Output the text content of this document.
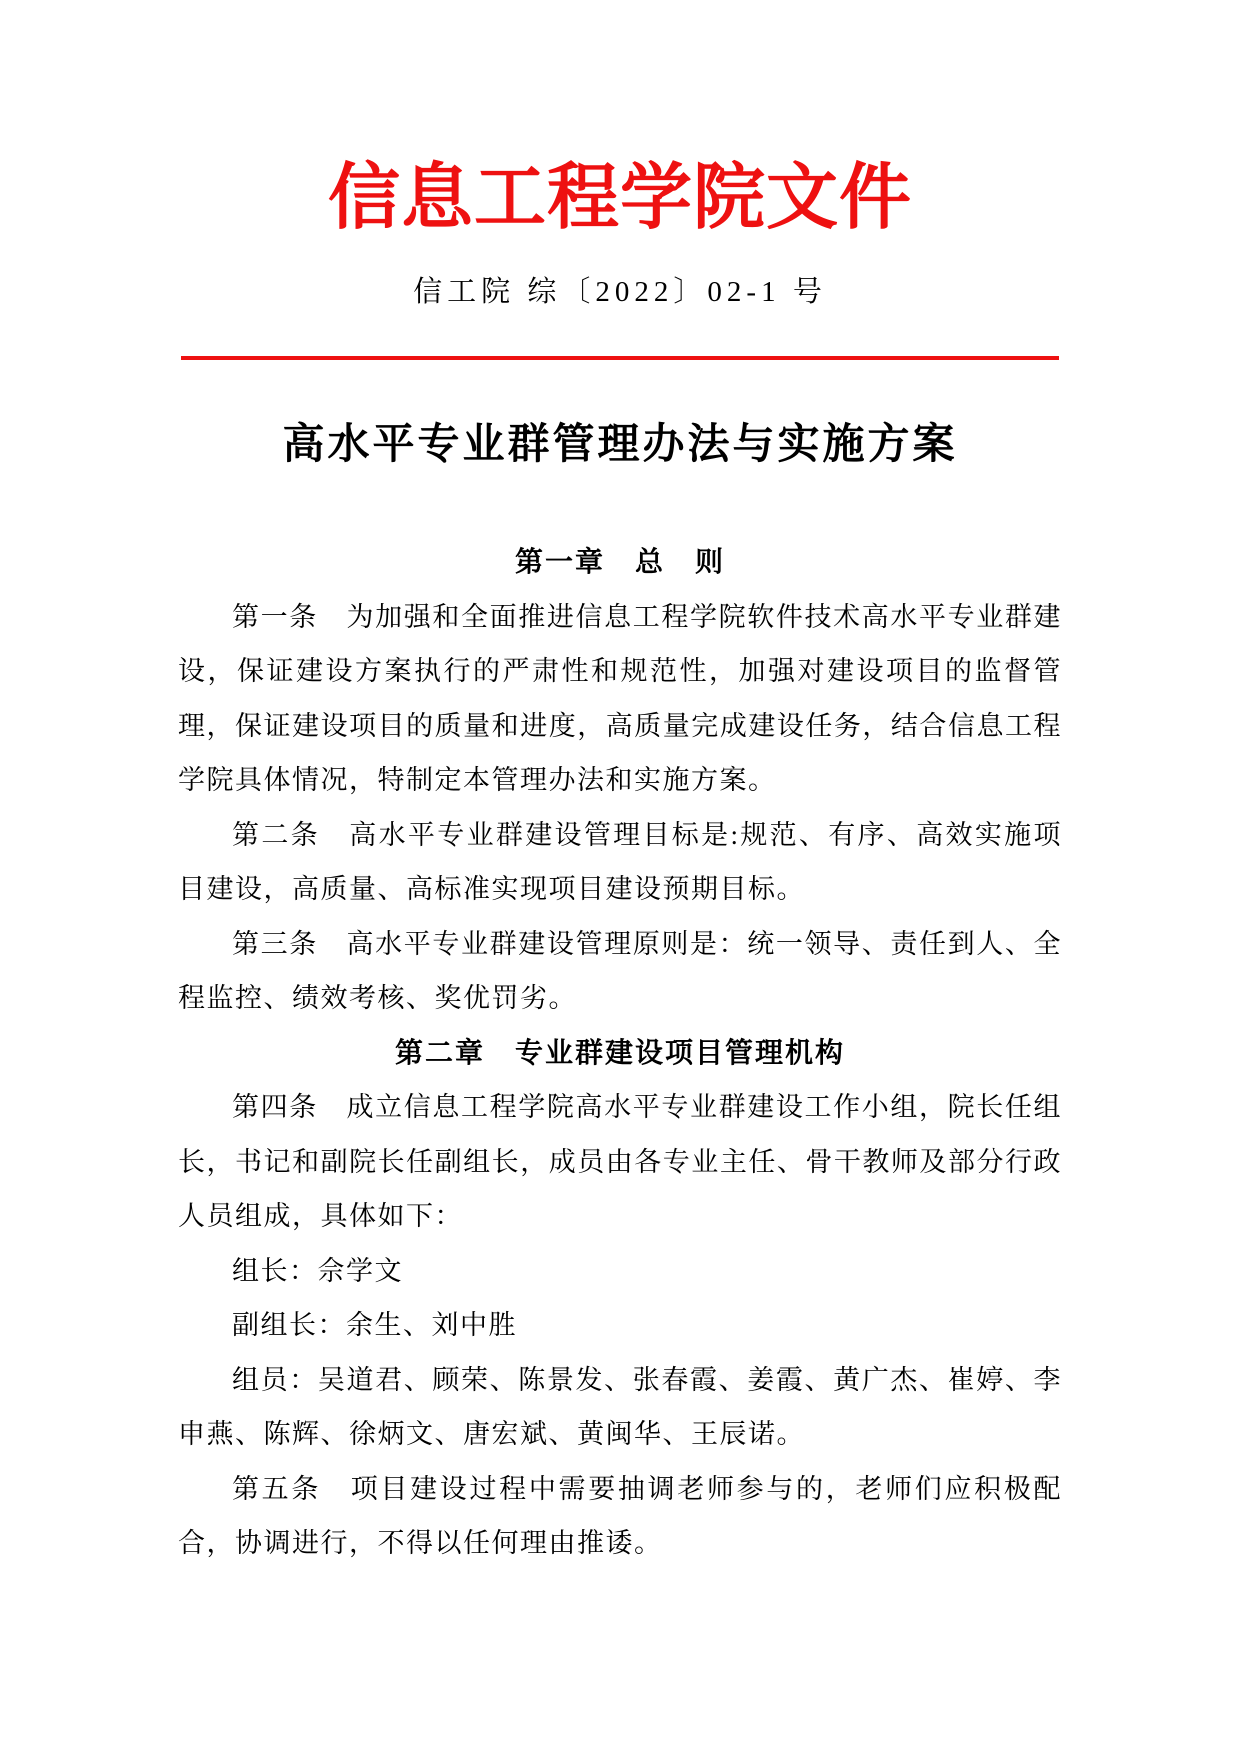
信息工程学院文件
信工院 综〔2022〕02-1 号
高水平专业群管理办法与实施方案
第一章　总　则

第一条　为加强和全面推进信息工程学院软件技术高水平专业群建设，保证建设方案执行的严肃性和规范性，加强对建设项目的监督管理，保证建设项目的质量和进度，高质量完成建设任务，结合信息工程学院具体情况，特制定本管理办法和实施方案。

第二条　高水平专业群建设管理目标是:规范、有序、高效实施项目建设，高质量、高标准实现项目建设预期目标。

第三条　高水平专业群建设管理原则是：统一领导、责任到人、全程监控、绩效考核、奖优罚劣。

第二章　专业群建设项目管理机构

第四条　成立信息工程学院高水平专业群建设工作小组，院长任组长，书记和副院长任副组长，成员由各专业主任、骨干教师及部分行政人员组成，具体如下：

组长：佘学文

副组长：余生、刘中胜

组员：吴道君、顾荣、陈景发、张春霞、姜霞、黄广杰、崔婷、李申燕、陈辉、徐炳文、唐宏斌、黄闽华、王辰诺。

第五条　项目建设过程中需要抽调老师参与的，老师们应积极配合，协调进行，不得以任何理由推诿。
